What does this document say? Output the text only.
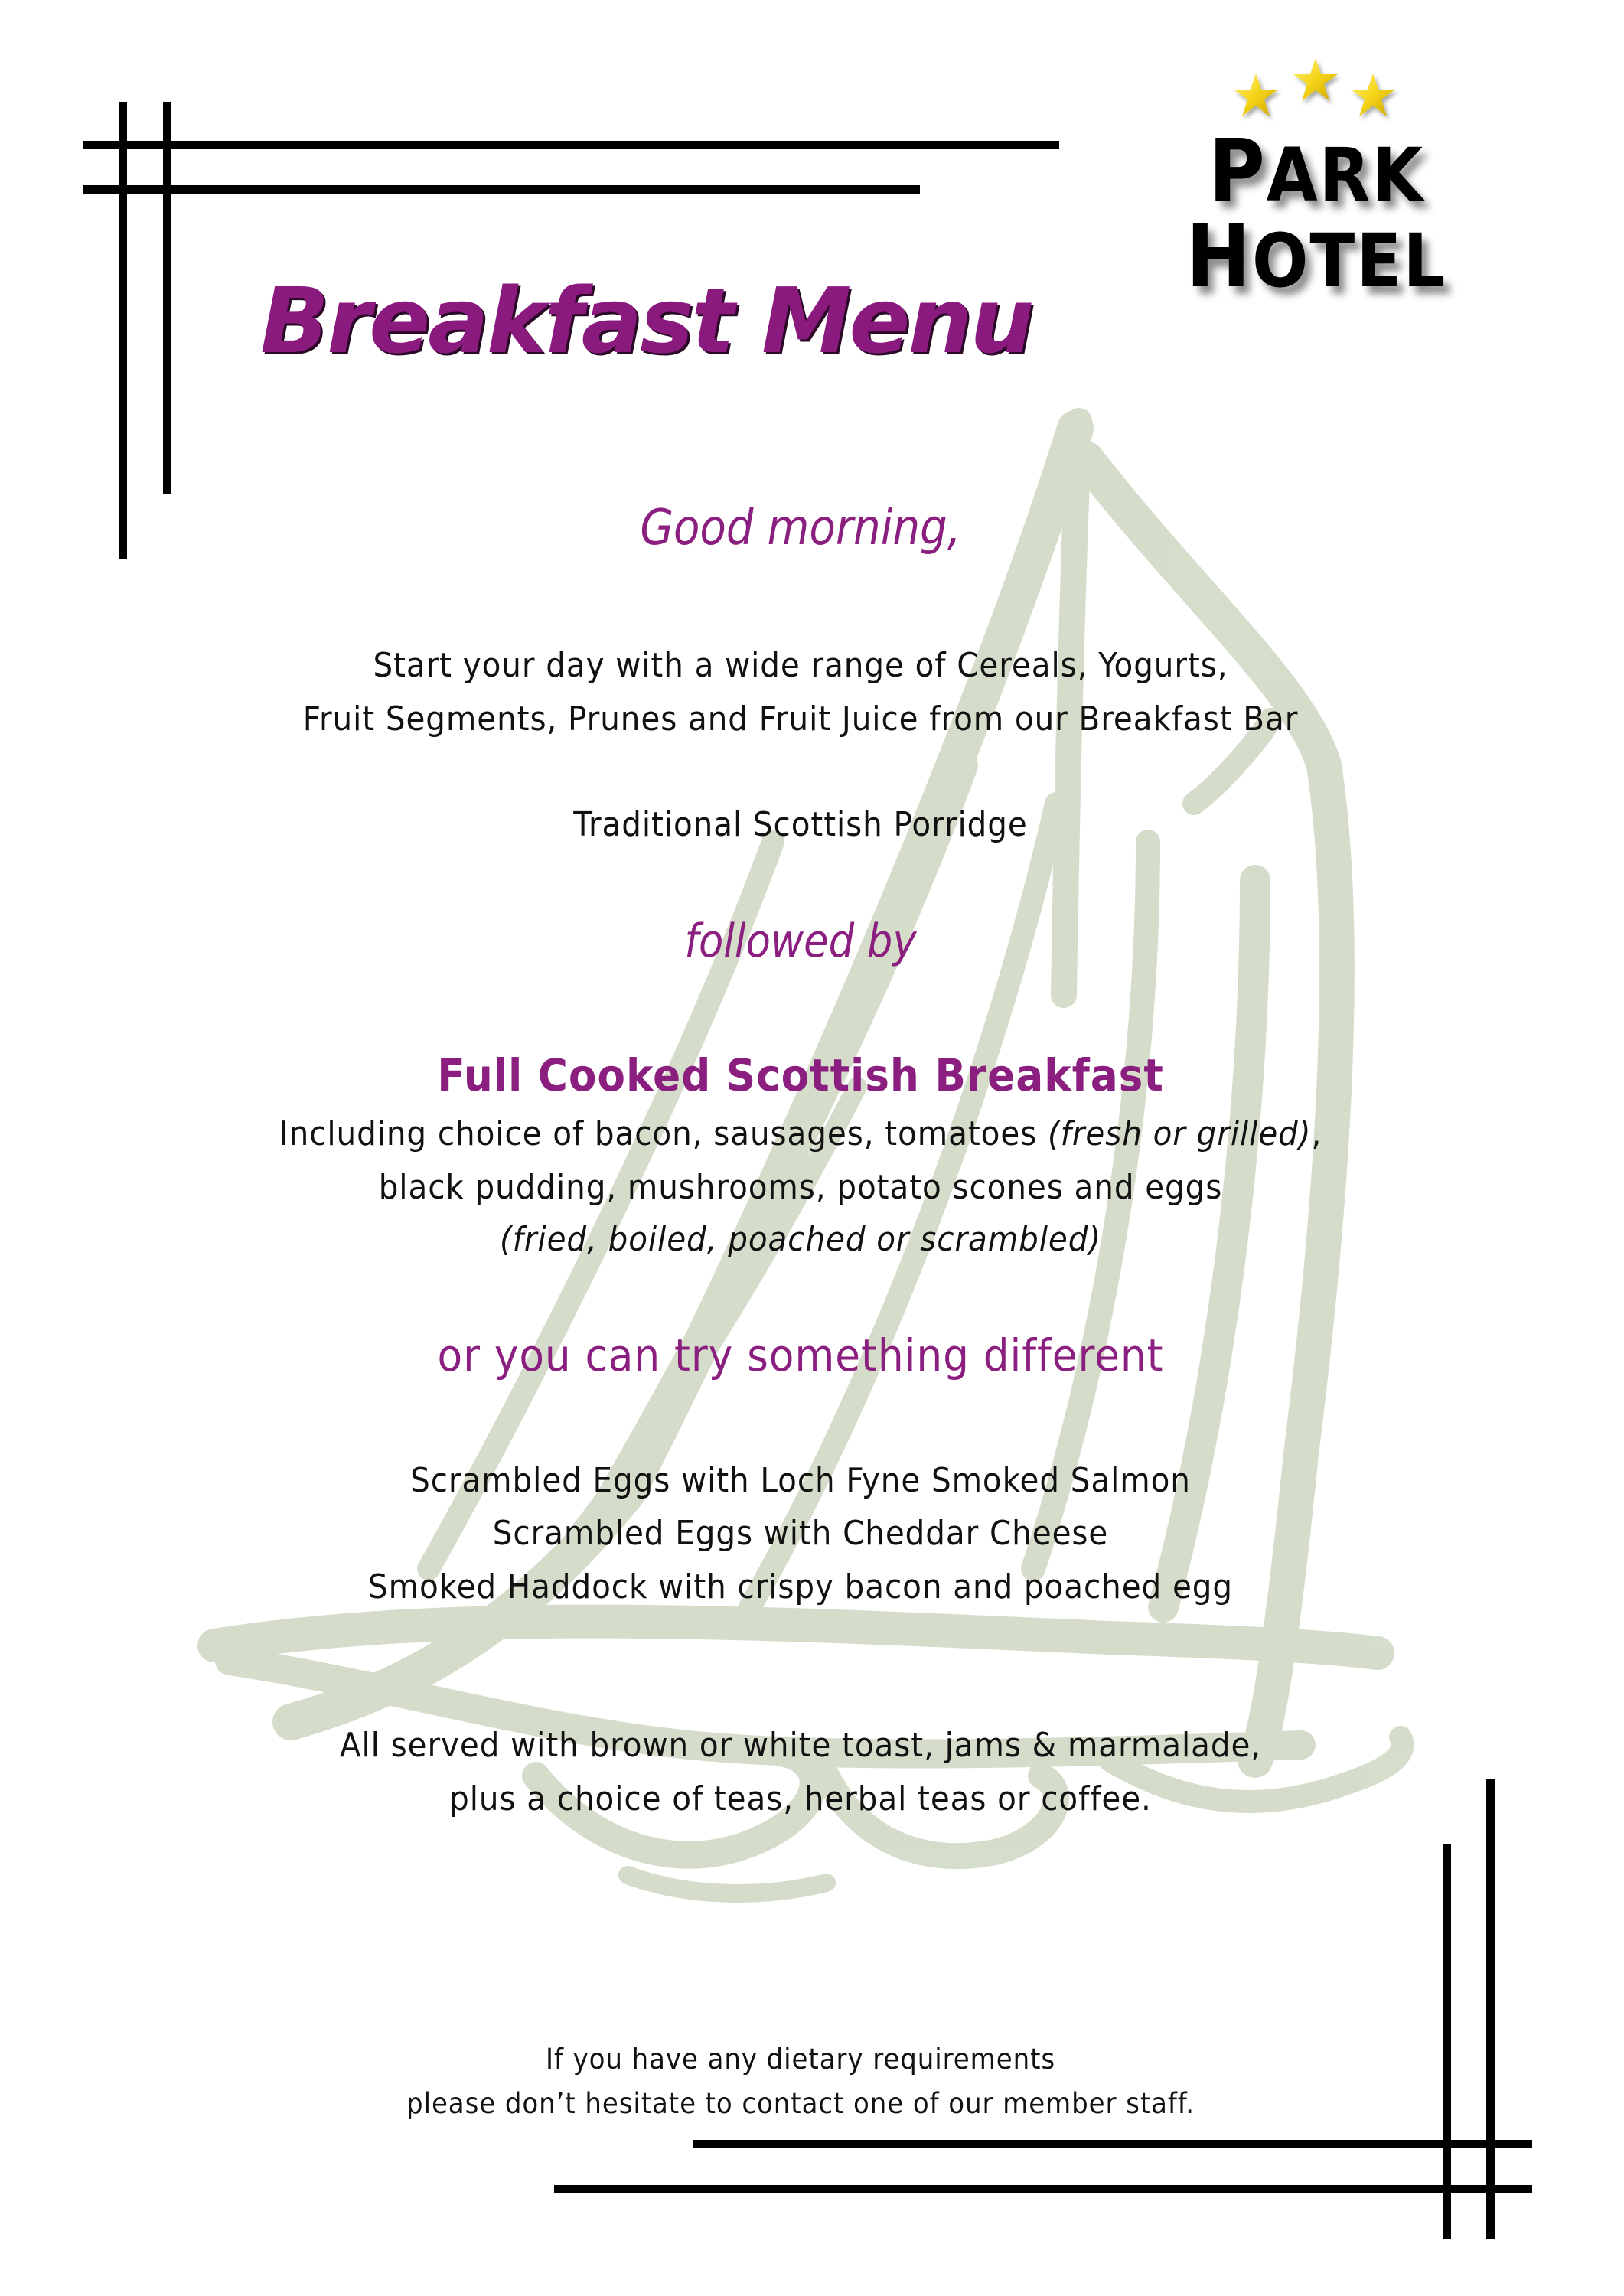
PARK HOTEL
Breakfast Menu
Good morning,
Start your day with a wide range of Cereals, Yogurts,
Fruit Segments, Prunes and Fruit Juice from our Breakfast Bar
Traditional Scottish Porridge
followed by
Full Cooked Scottish Breakfast
Including choice of bacon, sausages, tomatoes (fresh or grilled),
black pudding, mushrooms, potato scones and eggs
(fried, boiled, poached or scrambled)
or you can try something different
Scrambled Eggs with Loch Fyne Smoked Salmon
Scrambled Eggs with Cheddar Cheese
Smoked Haddock with crispy bacon and poached egg
All served with brown or white toast, jams & marmalade,
plus a choice of teas, herbal teas or coffee.
If you have any dietary requirements
please don’t hesitate to contact one of our member staff.
